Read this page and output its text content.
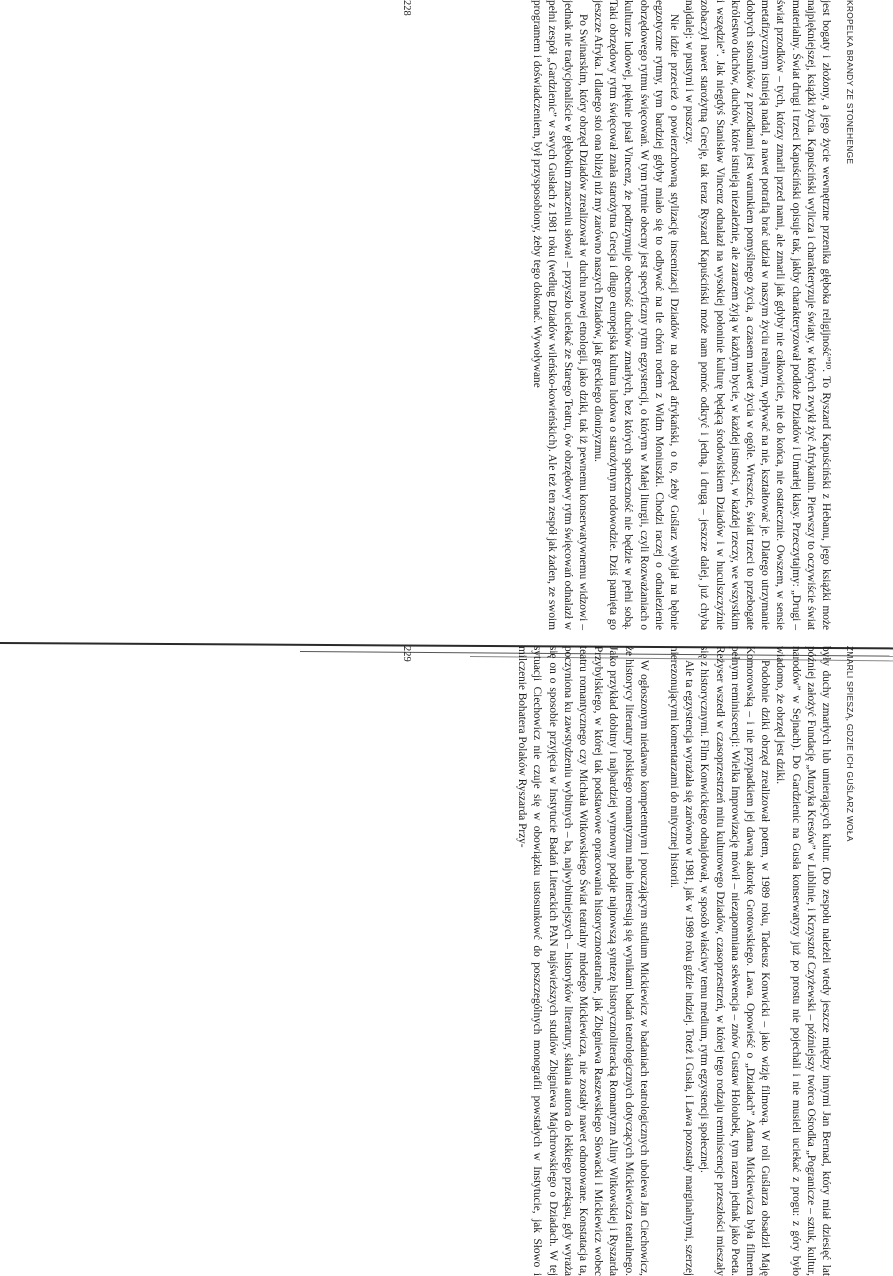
KROPELKA BRANDY ZE STONEHENGE

jest bogaty i złożony, a jego życie wewnętrzne przenika głęboka religijność”¹⁰. To Ryszard Kapuściński z Hebanu, jego książki może najpiękniejszej, książki życia. Kapuściński wylicza i charakteryzuje światy, w których zwykł żyć Afrykanin. Pierwszy to oczywiście świat materialny. Świat drugi i trzeci Kapuściński opisuje tak, jakby charakteryzował podłoże Dziadów i Umarłej klasy. Przeczytajmy: „Drugi – świat przodków – tych, którzy zmarli przed nami, ale zmarli jak gdyby nie całkowicie, nie do końca, nie ostatecznie. Owszem, w sensie metafizycznym istnieją nadal, a nawet potrafią brać udział w naszym życiu realnym, wpływać na nie, kształtować je. Dlatego utrzymanie dobrych stosunków z przodkami jest warunkiem pomyślnego życia, a czasem nawet życia w ogóle. Wreszcie, świat trzeci to przebogate królestwo duchów, duchów, które istnieją niezależnie, ale zarazem żyją w każdym bycie, w każdej istności, w każdej rzeczy, we wszystkim i wszędzie”. Jak niegdyś Stanisław Vincenz odnalazł na wysokiej połoninie kulturę będącą środowiskiem Dziadów i w huculszczyźnie zobaczył nawet starożytną Grecję, tak teraz Ryszard Kapuściński może nam pomóc odkryć i jedną, i drugą – jeszcze dalej, już chyba najdalej: w pustyni i w puszczy.

Nie idzie przecież o powierzchowną stylizację inscenizacji Dziadów na obrzęd afrykański, o to, żeby Guślarz wybijał na bębnie egzotyczne rytmy, tym bardziej gdyby miało się to odbywać na tle chóru rodem z Widm Moniuszki. Chodzi raczej o odnalezienie obrzędowego rytmu święcowań. W tym rytmie obecny jest specyficzny rytm egzystencji, o którym w Małej liturgii, czyli Rozważaniach o kulturze ludowej, pięknie pisał Vincenz, że podtrzymuje obecność duchów zmarłych, bez których społeczność nie będzie w pełni sobą. Taki obrzędowy rytm święcował znała starożytna Grecja i długo europejska kultura ludowa o starożytnym rodowodzie. Dziś pamięta go jeszcze Afryka. I dlatego stoi ona bliżej niż my zarówno naszych Dziadów, jak greckiego dionizyzmu.

Po Swinarskim, który obrzęd Dziadów zrealizował w duchu nowej etnologii, jako dziki, tak iż pewnemu konserwatywnemu widzowi – jednak nie tradycjonaliście w głębokim znaczeniu słowa! – przyszło uciekać ze Starego Teatru, ów obrzędowy rytm święcowań odnalazł w pełni zespół „Gardzienic” w swych Gusłach z 1981 roku (według Dziadów wileńsko-kowieńskich). Ale też ten zespół jak żaden, ze swoim programem i doświadczeniem, był przysposobiony, żeby tego dokonać. Wywoływane

228
ZMARLI SPIESZĄ, GDZIE ICH GUŚLARZ WOŁA

były duchy zmarłych lub umierających kultur. (Do zespołu należeli wtedy jeszcze między innymi Jan Bernad, który miał dziesięć lat później założyć Fundację „Muzyka Kresów” w Lublinie, i Krzysztof Czyżewski – późniejszy twórca Ośrodka „Pogranicze – sztuk, kultur, narodów” w Sejnach). Do Gardzienic na Gusła konserwatyzy już po prostu nie pojechali i nie musieli uciekać z progu: z góry było wiadomo, że obrzęd jest dziki.

Podobnie dziki obrzęd zrealizował potem, w 1989 roku, Tadeusz Konwicki – jako wizję filmową. W roli Guślarza obsadził Maję Komorowską – i nie przypadkiem jej dawną aktorkę Grotowskiego. Lawa. Opowieść o „Dziadach” Adama Mickiewicza była filmem pełnym reminiscencji: Wielka Improwizację mówił – niezapomniana sekwencja – znów Gustaw Holoubek, tym razem jednak jako Poeta. Reżyser wszedł w czasoprzestrzeń mitu kulturowego Dziadów, czasoprzestrzeń, w której tego rodzaju reminiscencje przeszłości mieszały się z historycznymi. Film Konwickiego odnajdował, w sposób właściwy temu medium, rytm egzystencji społecznej.

Ale ta egzystencja wyrażała się zarówno w 1981, jak w 1989 roku gdzie indziej. Toteż i Gusła, i Lawa pozostały marginalnymi, szerzej nierezonującymi komentarzami do mitycznej historii.

W ogłoszonym niedawno kompetentnym i pouczającym studium Mickiewicz w badaniach teatrologicznych ubolewa Jan Ciechowicz, że historycy literatury polskiego romantyzmu mało interesują się wynikami badań teatrologicznych dotyczących Mickiewicza teatralnego. Jako przykład dobitny i najbardziej wymowny podaje najnowszą syntezę historycznoliteracką Romantyzm Aliny Witkowskiej i Ryszarda Przybylskiego, w której tak podstawowe opracowania historycznoteatralne, jak Zbigniewa Raszewskiego Słowacki i Mickiewicz wobec teatru romantycznego czy Michała Witkowskiego Świat teatralny młodego Mickiewicza, nie zostały nawet odnotowane. Konstatacja ta, poczyniona ku zawstydzeniu wybitnych – ba, najwybitniejszych – historyków literatury, skłania autora do lekkiego przekąsu, gdy wyraża się on o sposobie przyjęcia w Instytucie Badań Literackich PAN najświeższych studiów Zbigniewa Majchrowskiego o Dziadach. W tej sytuacji Ciechowicz nie czuje się w obowiązku ustosunkowć do poszczególnych monografii powstałych w Instytucie, jak Słowo i milczenie Bohatera Polaków Ryszarda Przy-

229
